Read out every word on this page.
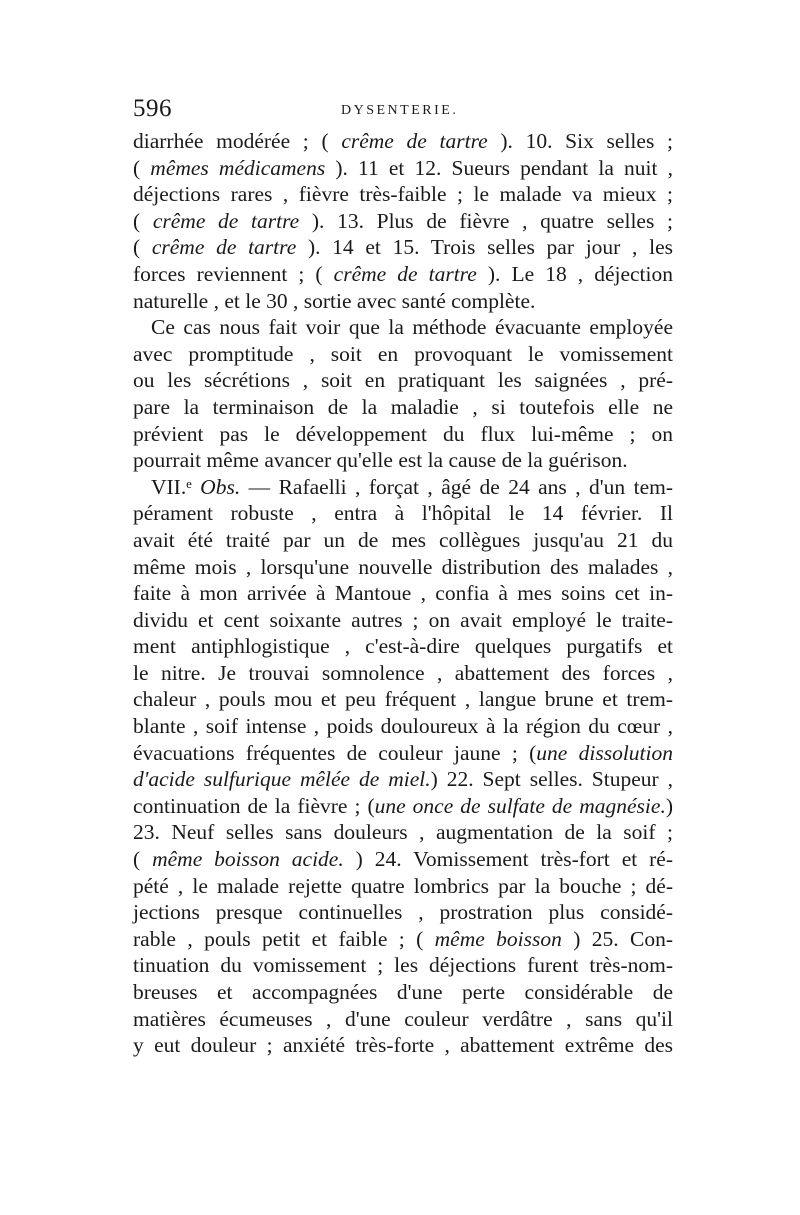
596	DYSENTERIE.
diarrhée modérée ; ( crême de tartre ). 10. Six selles ;
( mêmes médicamens ). 11 et 12. Sueurs pendant la nuit ,
déjections rares , fièvre très-faible ; le malade va mieux ;
( crême de tartre ). 13. Plus de fièvre , quatre selles ;
( crême de tartre ). 14 et 15. Trois selles par jour , les
forces reviennent ; ( crême de tartre ). Le 18 , déjection
naturelle , et le 30 , sortie avec santé complète.
Ce cas nous fait voir que la méthode évacuante employée
avec promptitude , soit en provoquant le vomissement
ou les sécrétions , soit en pratiquant les saignées , pré-
pare la terminaison de la maladie , si toutefois elle ne
prévient pas le développement du flux lui-même ; on
pourrait même avancer qu'elle est la cause de la guérison.
VII.ᵉ Obs. — Rafaelli , forçat , âgé de 24 ans , d'un tem-
pérament robuste , entra à l'hôpital le 14 février. Il
avait été traité par un de mes collègues jusqu'au 21 du
même mois , lorsqu'une nouvelle distribution des malades ,
faite à mon arrivée à Mantoue , confia à mes soins cet in-
dividu et cent soixante autres ; on avait employé le traite-
ment antiphlogistique , c'est-à-dire quelques purgatifs et
le nitre. Je trouvai somnolence , abattement des forces ,
chaleur , pouls mou et peu fréquent , langue brune et trem-
blante , soif intense , poids douloureux à la région du cœur ,
évacuations fréquentes de couleur jaune ; (une dissolution
d'acide sulfurique mêlée de miel.) 22. Sept selles. Stupeur ,
continuation de la fièvre ; (une once de sulfate de magnésie.)
23. Neuf selles sans douleurs , augmentation de la soif ;
( même boisson acide. ) 24. Vomissement très-fort et ré-
pété , le malade rejette quatre lombrics par la bouche ; dé-
jections presque continuelles , prostration plus considé-
rable , pouls petit et faible ; ( même boisson ) 25. Con-
tinuation du vomissement ; les déjections furent très-nom-
breuses et accompagnées d'une perte considérable de
matières écumeuses , d'une couleur verdâtre , sans qu'il
y eut douleur ; anxiété très-forte , abattement extrême des
